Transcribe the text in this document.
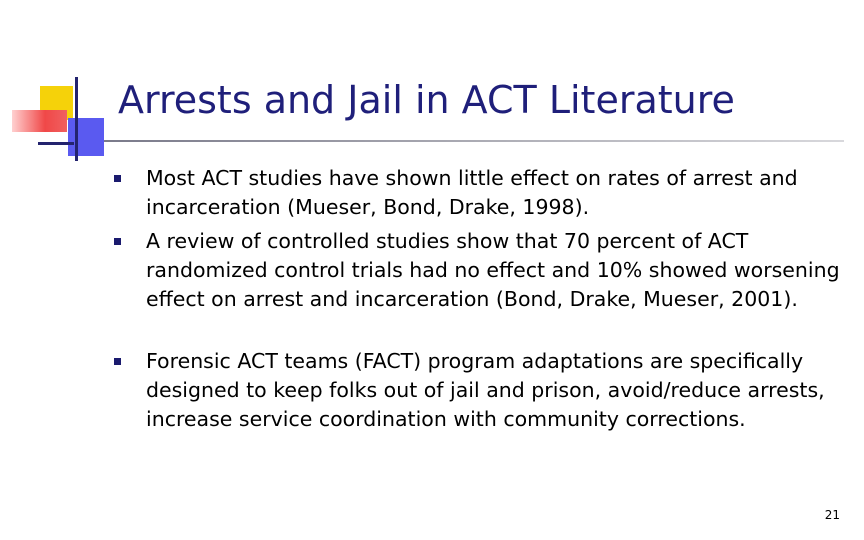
Arrests and Jail in ACT Literature
Most ACT studies have shown little effect on rates of arrest and incarceration (Mueser, Bond, Drake, 1998).
A review of controlled studies show that 70 percent of ACT randomized control trials had no effect and 10% showed worsening effect on arrest and incarceration (Bond, Drake, Mueser, 2001).
Forensic ACT teams (FACT) program adaptations are specifically designed to keep folks out of jail and prison, avoid/reduce arrests, increase service coordination with community corrections.
21
